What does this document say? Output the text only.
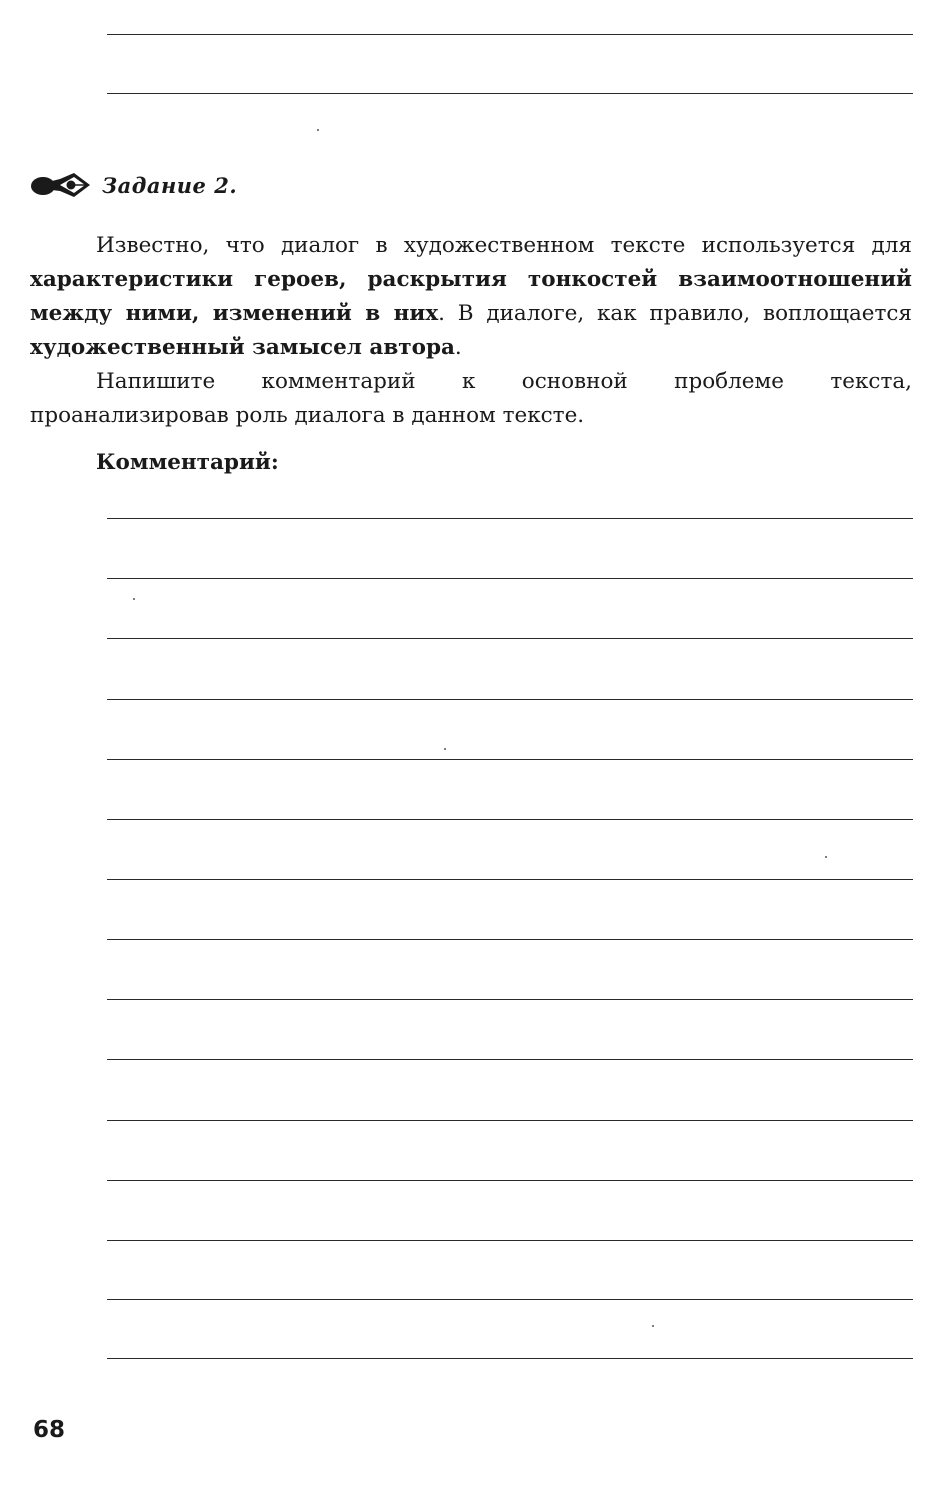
Задание 2.

Известно, что диалог в художественном тексте используется для характеристики героев, раскрытия тонкостей взаимоотношений между ними, изменений в них. В диалоге, как правило, воплощается художественный замысел автора.

Напишите комментарий к основной проблеме текста, проанализировав роль диалога в данном тексте.

Комментарий:
68
